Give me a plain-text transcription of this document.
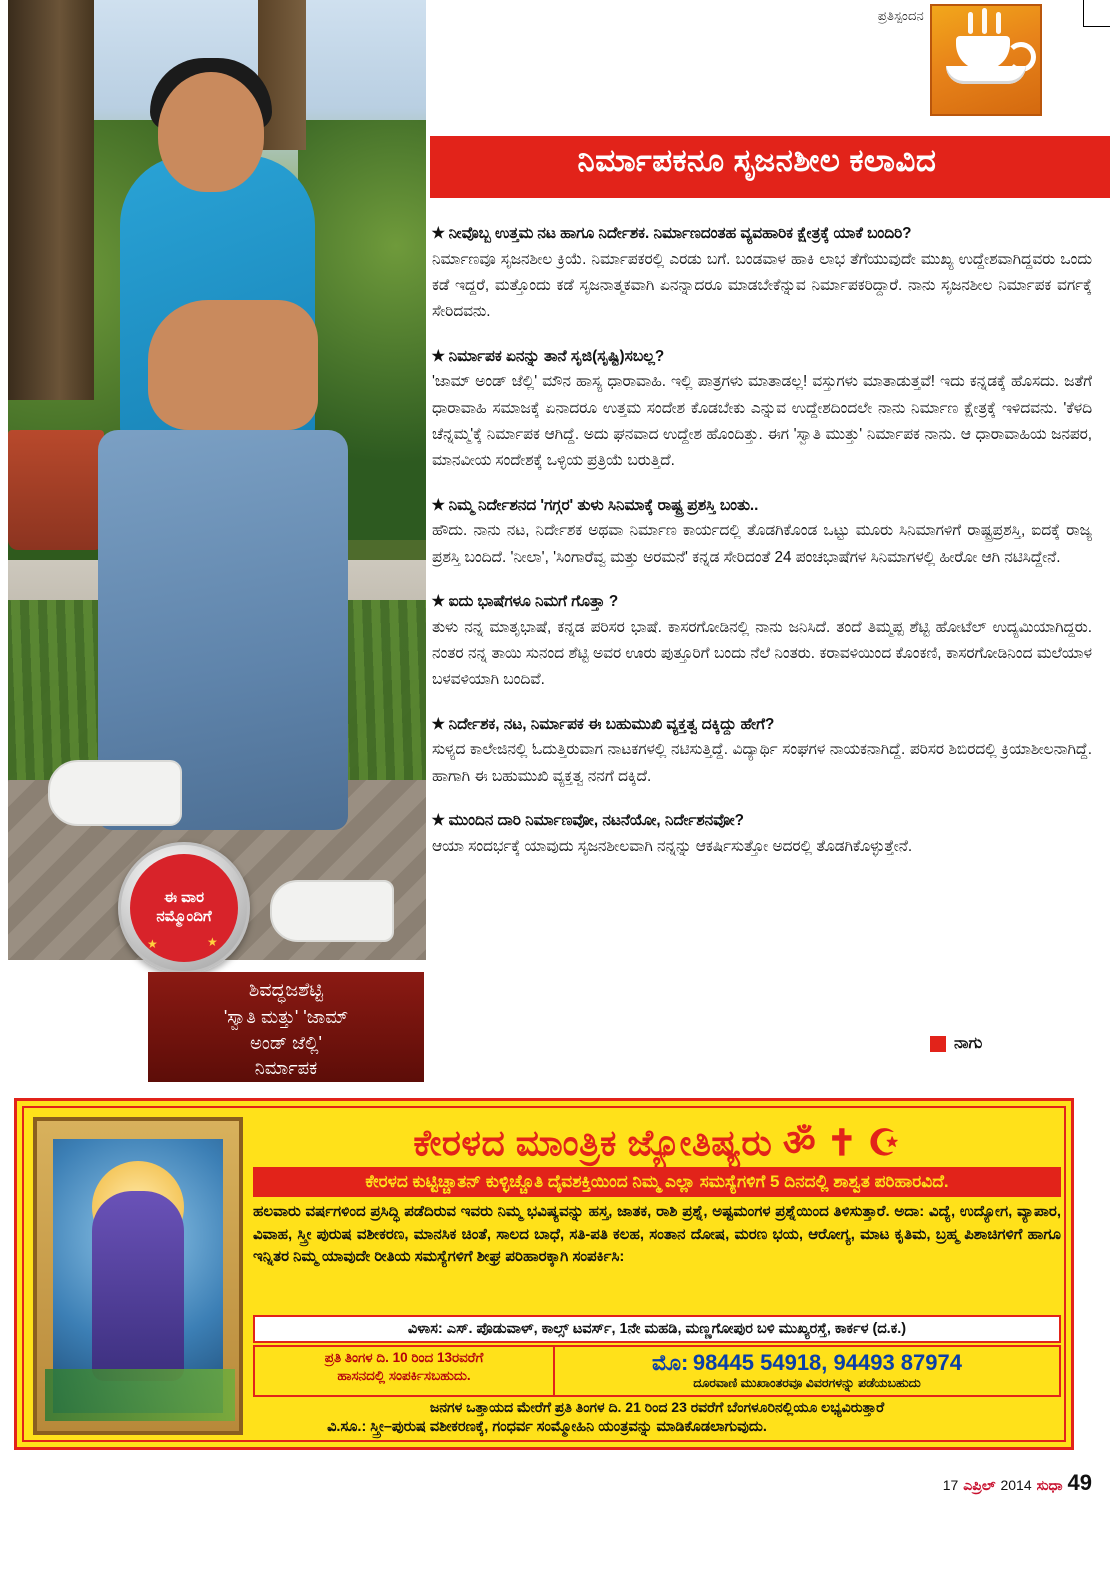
ಪ್ರತಿಸ್ಪಂದನ
ನಿರ್ಮಾಪಕನೂ ಸೃಜನಶೀಲ ಕಲಾವಿದ
ಈ ವಾರ
ನಮ್ಮೊಂದಿಗೆ
★	★
ಶಿವದ್ಧಜಶೆಟ್ಟಿ
'ಸ್ವಾತಿ ಮತ್ತು' 'ಜಾಮ್
ಅಂಡ್ ಜೆಲ್ಲಿ'
ನಿರ್ಮಾಪಕ
★ ನೀವೊಬ್ಬ ಉತ್ತಮ ನಟ ಹಾಗೂ ನಿರ್ದೇಶಕ. ನಿರ್ಮಾಣದಂತಹ ವ್ಯವಹಾರಿಕ ಕ್ಷೇತ್ರಕ್ಕೆ ಯಾಕೆ ಬಂದಿರಿ?
ನಿರ್ಮಾಣವೂ ಸೃಜನಶೀಲ ಕ್ರಿಯೆ. ನಿರ್ಮಾಪಕರಲ್ಲಿ ಎರಡು ಬಗೆ. ಬಂಡವಾಳ ಹಾಕಿ ಲಾಭ ತೆಗೆಯುವುದೇ ಮುಖ್ಯ ಉದ್ದೇಶವಾಗಿದ್ದವರು ಒಂದು ಕಡೆ ಇದ್ದರೆ, ಮತ್ತೊಂದು ಕಡೆ ಸೃಜನಾತ್ಮಕವಾಗಿ ಏನನ್ನಾದರೂ ಮಾಡಬೇಕೆನ್ನುವ ನಿರ್ಮಾಪಕರಿದ್ದಾರೆ. ನಾನು ಸೃಜನಶೀಲ ನಿರ್ಮಾಪಕ ವರ್ಗಕ್ಕೆ ಸೇರಿದವನು.
★ ನಿರ್ಮಾಪಕ ಏನನ್ನು ತಾನೆ ಸೃಜಿ(ಸೃಷ್ಟಿ)ಸಬಲ್ಲ?
'ಜಾಮ್ ಅಂಡ್ ಜೆಲ್ಲಿ' ಮೌನ ಹಾಸ್ಯ ಧಾರಾವಾಹಿ. ಇಲ್ಲಿ ಪಾತ್ರಗಳು ಮಾತಾಡಲ್ಲ! ವಸ್ತುಗಳು ಮಾತಾಡುತ್ತವೆ! ಇದು ಕನ್ನಡಕ್ಕೆ ಹೊಸದು. ಜತೆಗೆ ಧಾರಾವಾಹಿ ಸಮಾಜಕ್ಕೆ ಏನಾದರೂ ಉತ್ತಮ ಸಂದೇಶ ಕೊಡಬೇಕು ಎನ್ನುವ ಉದ್ದೇಶದಿಂದಲೇ ನಾನು ನಿರ್ಮಾಣ ಕ್ಷೇತ್ರಕ್ಕೆ ಇಳಿದವನು. 'ಕೆಳದಿ ಚೆನ್ನಮ್ಮ'ಕ್ಕೆ ನಿರ್ಮಾಪಕ ಆಗಿದ್ದೆ. ಅದು ಘನವಾದ ಉದ್ದೇಶ ಹೊಂದಿತ್ತು. ಈಗ 'ಸ್ವಾತಿ ಮುತ್ತು' ನಿರ್ಮಾಪಕ ನಾನು. ಆ ಧಾರಾವಾಹಿಯ ಜನಪರ, ಮಾನವೀಯ ಸಂದೇಶಕ್ಕೆ ಒಳ್ಳಿಯ ಪ್ರತ್ರಿಯೆ ಬರುತ್ತಿದೆ.
★ ನಿಮ್ಮ ನಿರ್ದೇಶನದ 'ಗಗ್ಗರ' ತುಳು ಸಿನಿಮಾಕ್ಕೆ ರಾಷ್ಟ್ರ ಪ್ರಶಸ್ತಿ ಬಂತು..
ಹೌದು. ನಾನು ನಟ, ನಿರ್ದೇಶಕ ಅಥವಾ ನಿರ್ಮಾಣ ಕಾರ್ಯದಲ್ಲಿ ತೊಡಗಿಕೊಂಡ ಒಟ್ಟು ಮೂರು ಸಿನಿಮಾಗಳಿಗೆ ರಾಷ್ಟ್ರಪ್ರಶಸ್ತಿ, ಐದಕ್ಕೆ ರಾಜ್ಯ ಪ್ರಶಸ್ತಿ ಬಂದಿದೆ. 'ನೀಲಾ', 'ಸಿಂಗಾರೆವ್ವ ಮತ್ತು ಅರಮನೆ' ಕನ್ನಡ ಸೇರಿದಂತೆ 24 ಪಂಚಭಾಷೆಗಳ ಸಿನಿಮಾಗಳಲ್ಲಿ ಹೀರೋ ಆಗಿ ನಟಿಸಿದ್ದೇನೆ.
★ ಐದು ಭಾಷೆಗಳೂ ನಿಮಗೆ ಗೊತ್ತಾ ?
ತುಳು ನನ್ನ ಮಾತೃಭಾಷೆ, ಕನ್ನಡ ಪರಿಸರ ಭಾಷೆ. ಕಾಸರಗೋಡಿನಲ್ಲಿ ನಾನು ಜನಿಸಿದೆ. ತಂದೆ ತಿಮ್ಮಪ್ಪ ಶೆಟ್ಟಿ ಹೋಟೆಲ್ ಉದ್ಯಮಿಯಾಗಿದ್ದರು. ನಂತರ ನನ್ನ ತಾಯಿ ಸುನಂದ ಶೆಟ್ಟಿ ಅವರ ಊರು ಪುತ್ತೂರಿಗೆ ಬಂದು ನೆಲೆ ನಿಂತರು. ಕರಾವಳಿಯಿಂದ ಕೊಂಕಣಿ, ಕಾಸರಗೋಡಿನಿಂದ ಮಲೆಯಾಳ ಬಳವಳಿಯಾಗಿ ಬಂದಿವೆ.
★ ನಿರ್ದೇಶಕ, ನಟ, ನಿರ್ಮಾಪಕ ಈ ಬಹುಮುಖಿ ವ್ಯಕ್ತತ್ವ ದಕ್ಕಿದ್ದು ಹೇಗೆ?
ಸುಳ್ಯದ ಕಾಲೇಜಿನಲ್ಲಿ ಓದುತ್ತಿರುವಾಗ ನಾಟಕಗಳಲ್ಲಿ ನಟಿಸುತ್ತಿದ್ದೆ. ವಿದ್ಯಾರ್ಥಿ ಸಂಘಗಳ ನಾಯಕನಾಗಿದ್ದೆ. ಪರಿಸರ ಶಿಬಿರದಲ್ಲಿ ಕ್ರಿಯಾಶೀಲನಾಗಿದ್ದೆ. ಹಾಗಾಗಿ ಈ ಬಹುಮುಖಿ ವ್ಯಕ್ತತ್ವ ನನಗೆ ದಕ್ಕಿದೆ.
★ ಮುಂದಿನ ದಾರಿ ನಿರ್ಮಾಣವೋ, ನಟನೆಯೋ, ನಿರ್ದೇಶನವೋ?
ಆಯಾ ಸಂದರ್ಭಕ್ಕೆ ಯಾವುದು ಸೃಜನಶೀಲವಾಗಿ ನನ್ನನ್ನು ಆಕರ್ಷಿಸುತ್ತೋ ಅದರಲ್ಲಿ ತೊಡಗಿಕೊಳ್ಳುತ್ತೇನೆ.
ನಾಗು
ಕೇರಳದ ಮಾಂತ್ರಿಕ ಜ್ಯೋತಿಷ್ಯರು ॐ ✝ ☪
ಕೇರಳದ ಕುಟ್ಟಿಚ್ಚಾತನ್ ಕುಳ್ಳಿಚ್ಚೊತಿ ದೈವಶಕ್ತಿಯಿಂದ ನಿಮ್ಮ ಎಲ್ಲಾ ಸಮಸ್ಯೆಗಳಿಗೆ 5 ದಿನದಲ್ಲಿ ಶಾಶ್ವತ ಪರಿಹಾರವಿದೆ.
ಹಲವಾರು ವರ್ಷಗಳಿಂದ ಪ್ರಸಿದ್ಧಿ ಪಡೆದಿರುವ ಇವರು ನಿಮ್ಮ ಭವಿಷ್ಯವನ್ನು ಹಸ್ತ, ಜಾತಕ, ರಾಶಿ ಪ್ರಶ್ನೆ, ಅಷ್ಟಮಂಗಳ ಪ್ರಶ್ನೆಯಿಂದ ತಿಳಿಸುತ್ತಾರೆ. ಅದಾ: ವಿದ್ಯೆ, ಉದ್ಯೋಗ, ವ್ಯಾಪಾರ, ವಿವಾಹ, ಸ್ತ್ರೀ ಪುರುಷ ವಶೀಕರಣ, ಮಾನಸಿಕ ಚಿಂತೆ, ಸಾಲದ ಬಾಧೆ, ಸತಿ-ಪತಿ ಕಲಹ, ಸಂತಾನ ದೋಷ, ಮರಣ ಭಯ, ಆರೋಗ್ಯ, ಮಾಟ ಕೃತಿಮ, ಬ್ರಹ್ಮ ಪಿಶಾಚಿಗಳಿಗೆ ಹಾಗೂ ಇನ್ನಿತರ ನಿಮ್ಮ ಯಾವುದೇ ರೀತಿಯ ಸಮಸ್ಯೆಗಳಿಗೆ ಶೀಘ್ರ ಪರಿಹಾರಕ್ಕಾಗಿ ಸಂಪರ್ಕಿಸಿ:
ವಿಳಾಸ: ಎಸ್. ಪೊಡುವಾಳ್, ಕಾಲ್ಸ್ ಟವರ್ಸ್, 1ನೇ ಮಹಡಿ, ಮಣ್ಣಗೋಪುರ ಬಳಿ ಮುಖ್ಯರಸ್ತೆ, ಕಾರ್ಕಳ (ದ.ಕ.)
ಪ್ರತಿ ತಿಂಗಳ ದಿ. 10 ರಿಂದ 13ರವರೆಗೆ
ಹಾಸನದಲ್ಲಿ ಸಂಪರ್ಕಿಸಬಹುದು.
ಮೊ: 98445 54918, 94493 87974
ದೂರವಾಣಿ ಮುಖಾಂತರವೂ ವಿವರಗಳನ್ನು ಪಡೆಯಬಹುದು
ಜನಗಳ ಒತ್ತಾಯದ ಮೇರೆಗೆ ಪ್ರತಿ ತಿಂಗಳ ದಿ. 21 ರಿಂದ 23 ರವರೆಗೆ ಬೆಂಗಳೂರಿನಲ್ಲಿಯೂ ಲಭ್ಯವಿರುತ್ತಾರೆ
ವಿ.ಸೂ.: ಸ್ತ್ರೀ–ಪುರುಷ ವಶೀಕರಣಕ್ಕೆ, ಗಂಧರ್ವ ಸಂಮ್ಮೋಹಿನಿ ಯಂತ್ರವನ್ನು ಮಾಡಿಕೊಡಲಾಗುವುದು.
17 ಎಪ್ರಿಲ್ 2014 ಸುಧಾ 49
